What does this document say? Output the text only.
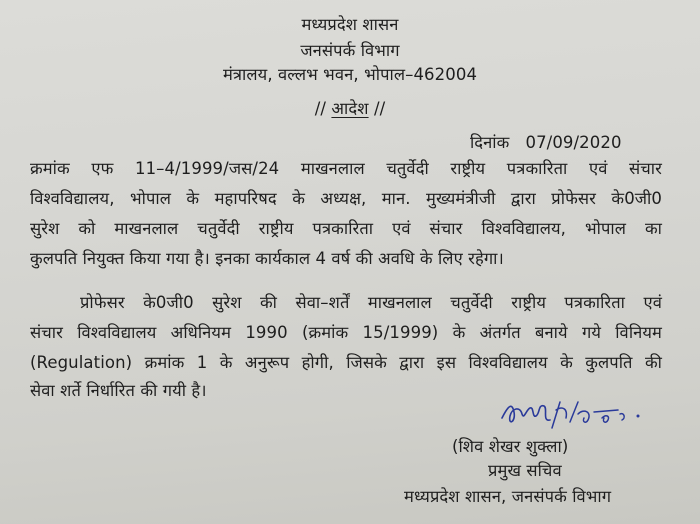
मध्यप्रदेश शासन
जनसंपर्क विभाग
मंत्रालय, वल्लभ भवन, भोपाल–462004
// आदेश //
दिनांक   07/09/2020
क्रमांक एफ 11–4/1999/जस/24 माखनलाल चतुर्वेदी राष्ट्रीय पत्रकारिता एवं संचार
विश्वविद्यालय, भोपाल के महापरिषद के अध्यक्ष, मान. मुख्यमंत्रीजी द्वारा प्रोफेसर के0जी0
सुरेश को माखनलाल चतुर्वेदी राष्ट्रीय पत्रकारिता एवं संचार विश्वविद्यालय, भोपाल का
कुलपति नियुक्त किया गया है। इनका कार्यकाल 4 वर्ष की अवधि के लिए रहेगा।
प्रोफेसर के0जी0 सुरेश की सेवा–शर्तें माखनलाल चतुर्वेदी राष्ट्रीय पत्रकारिता एवं
संचार विश्वविद्यालय अधिनियम 1990 (क्रमांक 15/1999) के अंतर्गत बनाये गये विनियम
(Regulation) क्रमांक 1 के अनुरूप होगी, जिसके द्वारा इस विश्वविद्यालय के कुलपति की
सेवा शर्ते निर्धारित की गयी है।
(शिव शेखर शुक्ला)
प्रमुख सचिव
मध्यप्रदेश शासन, जनसंपर्क विभाग
